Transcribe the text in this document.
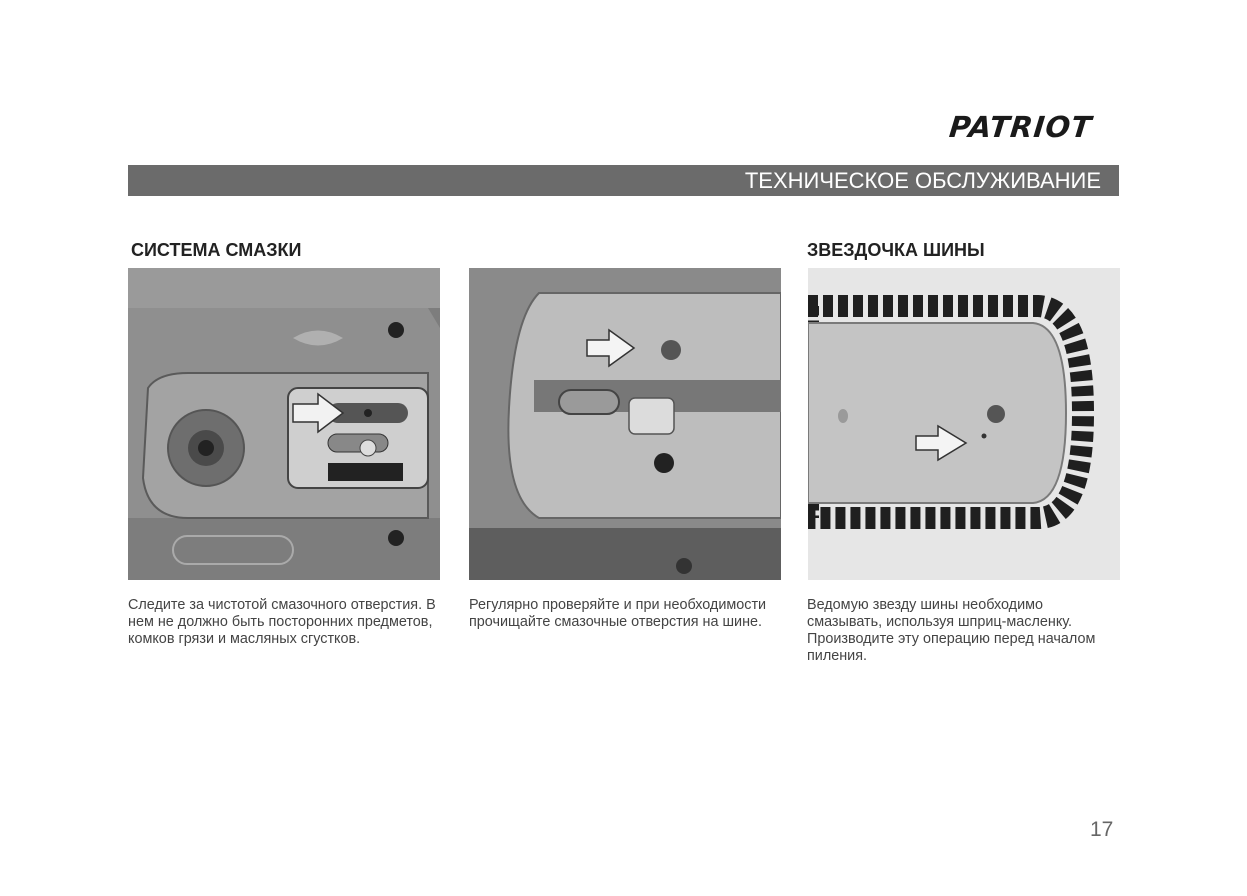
PATRIOT
ТЕХНИЧЕСКОЕ ОБСЛУЖИВАНИЕ
СИСТЕМА СМАЗКИ	ЗВЕЗДОЧКА ШИНЫ
Следите за чистотой смазочного отверстия. В нем не должно быть посторонних предметов, комков грязи и масляных сгустков.
Регулярно проверяйте и при необходимости прочищайте смазочные отверстия на шине.
Ведомую звезду шины необходимо смазывать, используя шприц-масленку. Производите эту операцию перед началом пиления.
17
